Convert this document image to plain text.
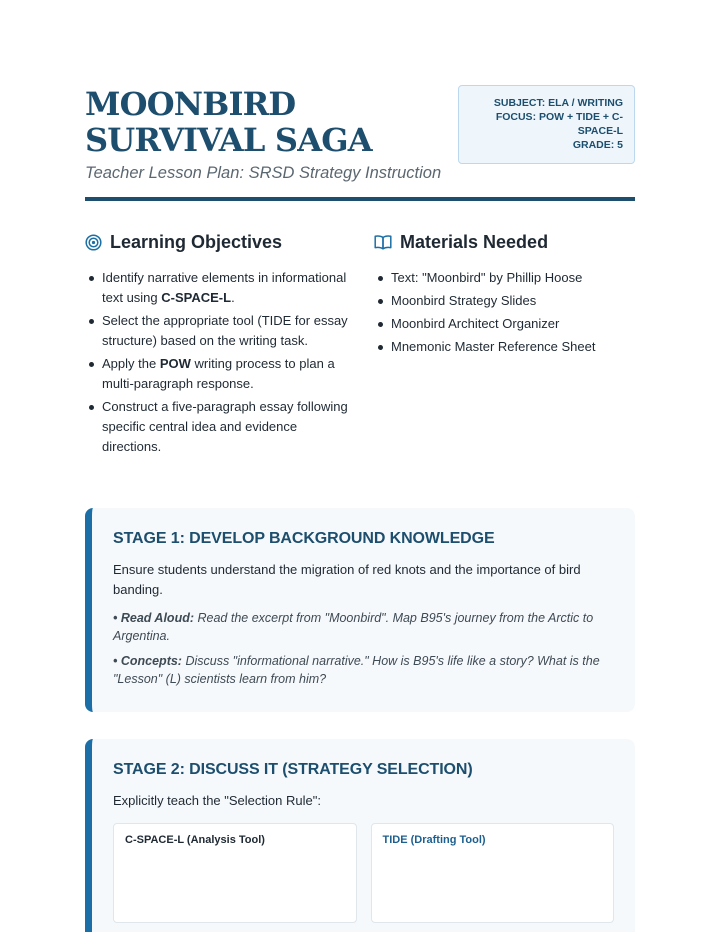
MOONBIRD SURVIVAL SAGA
Teacher Lesson Plan: SRSD Strategy Instruction
SUBJECT: ELA / WRITING
FOCUS: POW + TIDE + C-SPACE-L
GRADE: 5
Learning Objectives
Identify narrative elements in informational text using C-SPACE-L.
Select the appropriate tool (TIDE for essay structure) based on the writing task.
Apply the POW writing process to plan a multi-paragraph response.
Construct a five-paragraph essay following specific central idea and evidence directions.
Materials Needed
Text: "Moonbird" by Phillip Hoose
Moonbird Strategy Slides
Moonbird Architect Organizer
Mnemonic Master Reference Sheet
STAGE 1: DEVELOP BACKGROUND KNOWLEDGE
Ensure students understand the migration of red knots and the importance of bird banding.
• Read Aloud: Read the excerpt from "Moonbird". Map B95's journey from the Arctic to Argentina.
• Concepts: Discuss "informational narrative." How is B95's life like a story? What is the "Lesson" (L) scientists learn from him?
STAGE 2: DISCUSS IT (STRATEGY SELECTION)
Explicitly teach the "Selection Rule":
C-SPACE-L (Analysis Tool)	TIDE (Drafting Tool)
